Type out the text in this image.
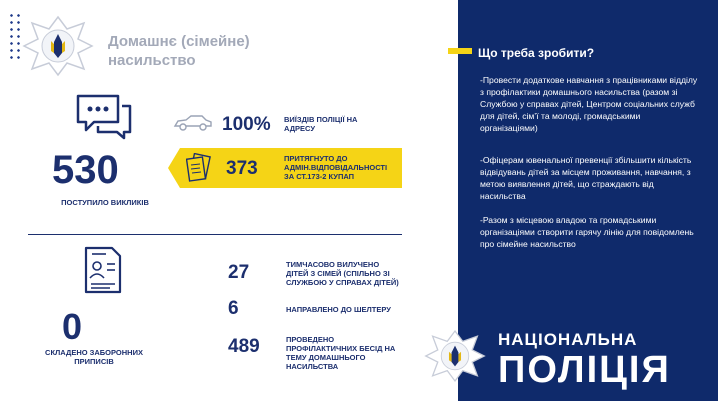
Домашнє (сімейне) насильство
530
ПОСТУПИЛО ВИКЛИКІВ
100% ВИЇЗДІВ ПОЛІЦІЇ НА АДРЕСУ
373	ПРИТЯГНУТО ДО АДМІН.ВІДПОВІДАЛЬНОСТІ ЗА СТ.173-2 КУПАП
0
СКЛАДЕНО ЗАБОРОННИХ ПРИПИСІВ
27	ТИМЧАСОВО ВИЛУЧЕНО ДІТЕЙ З СІМЕЙ (СПІЛЬНО ЗІ СЛУЖБОЮ У СПРАВАХ ДІТЕЙ)
6	НАПРАВЛЕНО ДО ШЕЛТЕРУ
489	ПРОВЕДЕНО ПРОФІЛАКТИЧНИХ БЕСІД НА ТЕМУ ДОМАШНЬОГО НАСИЛЬСТВА
Що треба зробити?
-Провести додаткове навчання з працівниками відділу з профілактики домашнього насильства (разом зі Службою у справах дітей, Центром соціальних служб для дітей, сім’ї та молоді, громадськими організаціями)
-Офіцерам ювенальної превенції збільшити кількість відвідувань дітей за місцем проживання, навчання, з метою виявлення дітей, що страждають від насильства
-Разом з місцевою владою та громадськими організаціями створити гарячу лінію для повідомлень про сімейне насильство
НАЦІОНАЛЬНА
ПОЛІЦІЯ
